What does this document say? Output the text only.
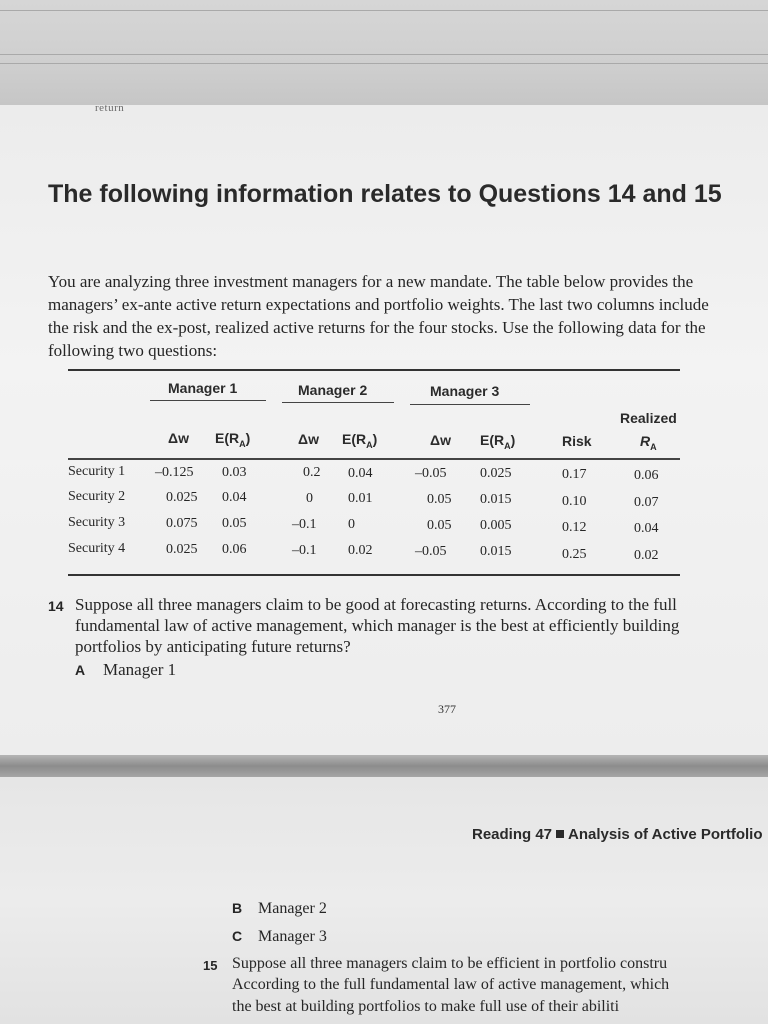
return
The following information relates to Questions 14 and 15

You are analyzing three investment managers for a new mandate. The table below provides the managers’ ex-ante active return expectations and portfolio weights. The last two columns include the risk and the ex-post, realized active returns for the four stocks. Use the following data for the following two questions:

Manager 1	Manager 2	Manager 3
Realized
Δw $E(R_A)$	Δw $E(R_A)$	Δw $E(R_A)$	Risk	$R_A$
Security 1 –0.125 0.03	0.2 0.04	–0.05 0.025	0.17	0.06
Security 2	0.025 0.04	0	0.01	0.05 0.015	0.10	0.07
Security 3	0.075 0.05	–0.1 0	0.05 0.005	0.12	0.04
Security 4	0.025 0.06	–0.1 0.02	–0.05 0.015	0.25	0.02
14 Suppose all three managers claim to be good at forecasting returns. According to the full fundamental law of active management, which manager is the best at efficiently building portfolios by anticipating future returns?
A Manager 1
377
Reading 47 Analysis of Active Portfolio
B Manager 2
C Manager 3
15 Suppose all three managers claim to be efficient in portfolio constru
According to the full fundamental law of active management, which
the best at building portfolios to make full use of their abiliti
